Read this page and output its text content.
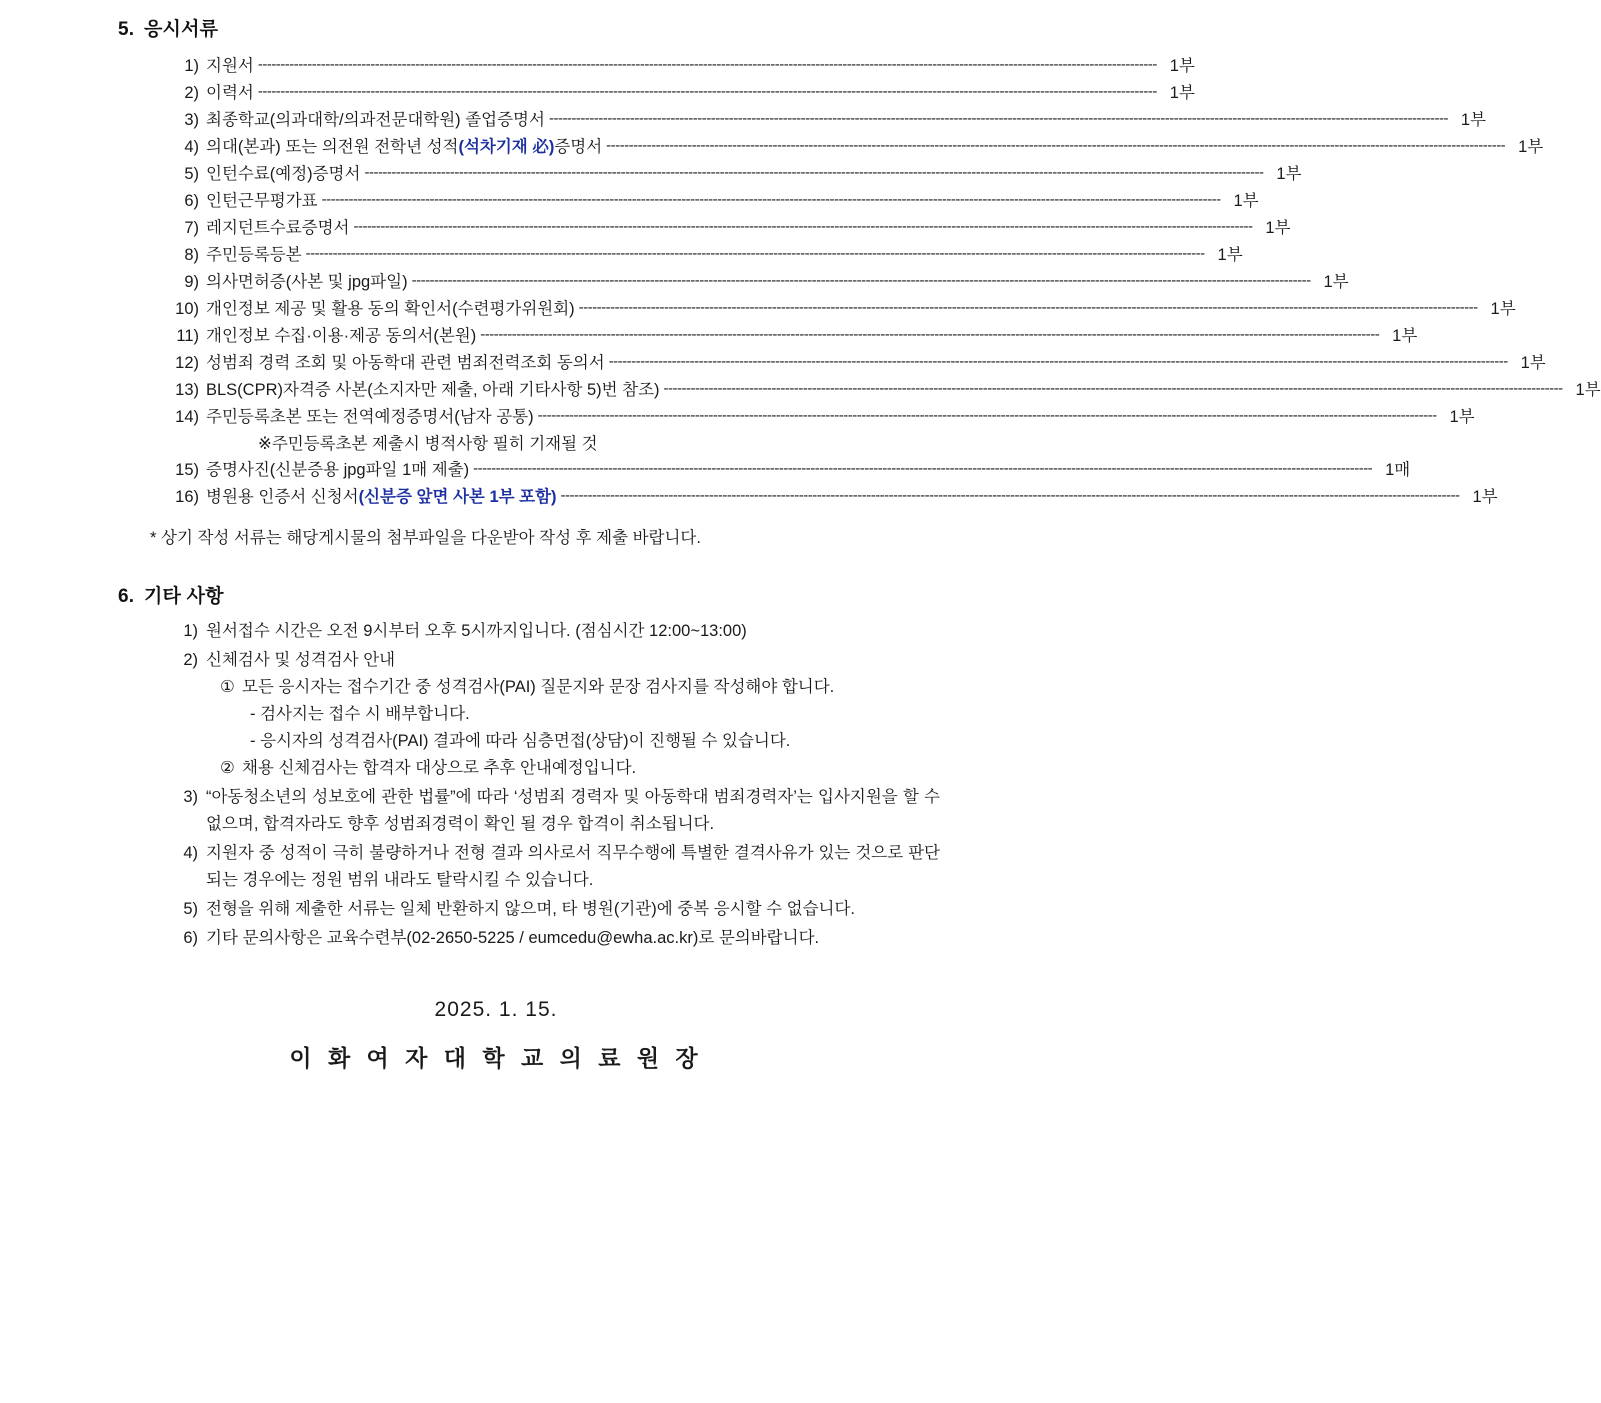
5. 응시서류
1) 지원서 -------------------------------------------------------------------------------------------------------------------------------------------------------------------------------------------------------- 1부
2) 이력서 -------------------------------------------------------------------------------------------------------------------------------------------------------------------------------------------------------- 1부
3) 최종학교(의과대학/의과전문대학원) 졸업증명서 -------------------------------------------------------------------------------------------------------------------------------------------------------------------------------------------------------- 1부
4) 의대(본과) 또는 의전원 전학년 성적(석차기재 必)증명서 -------------------------------------------------------------------------------------------------------------------------------------------------------------------------------------------------------- 1부
5) 인턴수료(예정)증명서 -------------------------------------------------------------------------------------------------------------------------------------------------------------------------------------------------------- 1부
6) 인턴근무평가표 -------------------------------------------------------------------------------------------------------------------------------------------------------------------------------------------------------- 1부
7) 레지던트수료증명서 -------------------------------------------------------------------------------------------------------------------------------------------------------------------------------------------------------- 1부
8) 주민등록등본 -------------------------------------------------------------------------------------------------------------------------------------------------------------------------------------------------------- 1부
9) 의사면허증(사본 및 jpg파일) -------------------------------------------------------------------------------------------------------------------------------------------------------------------------------------------------------- 1부
10) 개인정보 제공 및 활용 동의 확인서(수련평가위원회) -------------------------------------------------------------------------------------------------------------------------------------------------------------------------------------------------------- 1부
11) 개인정보 수집·이용·제공 동의서(본원) -------------------------------------------------------------------------------------------------------------------------------------------------------------------------------------------------------- 1부
12) 성범죄 경력 조회 및 아동학대 관련 범죄전력조회 동의서 -------------------------------------------------------------------------------------------------------------------------------------------------------------------------------------------------------- 1부
13) BLS(CPR)자격증 사본(소지자만 제출, 아래 기타사항 5)번 참조) -------------------------------------------------------------------------------------------------------------------------------------------------------------------------------------------------------- 1부
14) 주민등록초본 또는 전역예정증명서(남자 공통) -------------------------------------------------------------------------------------------------------------------------------------------------------------------------------------------------------- 1부
※주민등록초본 제출시 병적사항 필히 기재될 것
15) 증명사진(신분증용 jpg파일 1매 제출) -------------------------------------------------------------------------------------------------------------------------------------------------------------------------------------------------------- 1매
16) 병원용 인증서 신청서(신분증 앞면 사본 1부 포함) -------------------------------------------------------------------------------------------------------------------------------------------------------------------------------------------------------- 1부
* 상기 작성 서류는 해당게시물의 첨부파일을 다운받아 작성 후 제출 바랍니다.
6. 기타 사항
1) 원서접수 시간은 오전 9시부터 오후 5시까지입니다. (점심시간 12:00~13:00)
2) 신체검사 및 성격검사 안내
① 모든 응시자는 접수기간 중 성격검사(PAI) 질문지와 문장 검사지를 작성해야 합니다.
- 검사지는 접수 시 배부합니다.
- 응시자의 성격검사(PAI) 결과에 따라 심층면접(상담)이 진행될 수 있습니다.
② 채용 신체검사는 합격자 대상으로 추후 안내예정입니다.
3) “아동청소년의 성보호에 관한 법률”에 따라 ‘성범죄 경력자 및 아동학대 범죄경력자’는 입사지원을 할 수 없으며, 합격자라도 향후 성범죄경력이 확인 될 경우 합격이 취소됩니다.
4) 지원자 중 성적이 극히 불량하거나 전형 결과 의사로서 직무수행에 특별한 결격사유가 있는 것으로 판단되는 경우에는 정원 범위 내라도 탈락시킬 수 있습니다.
5) 전형을 위해 제출한 서류는 일체 반환하지 않으며, 타 병원(기관)에 중복 응시할 수 없습니다.
6) 기타 문의사항은 교육수련부(02-2650-5225 / eumcedu@ewha.ac.kr)로 문의바랍니다.
2025. 1. 15.
이 화 여 자 대 학 교 의 료 원 장
